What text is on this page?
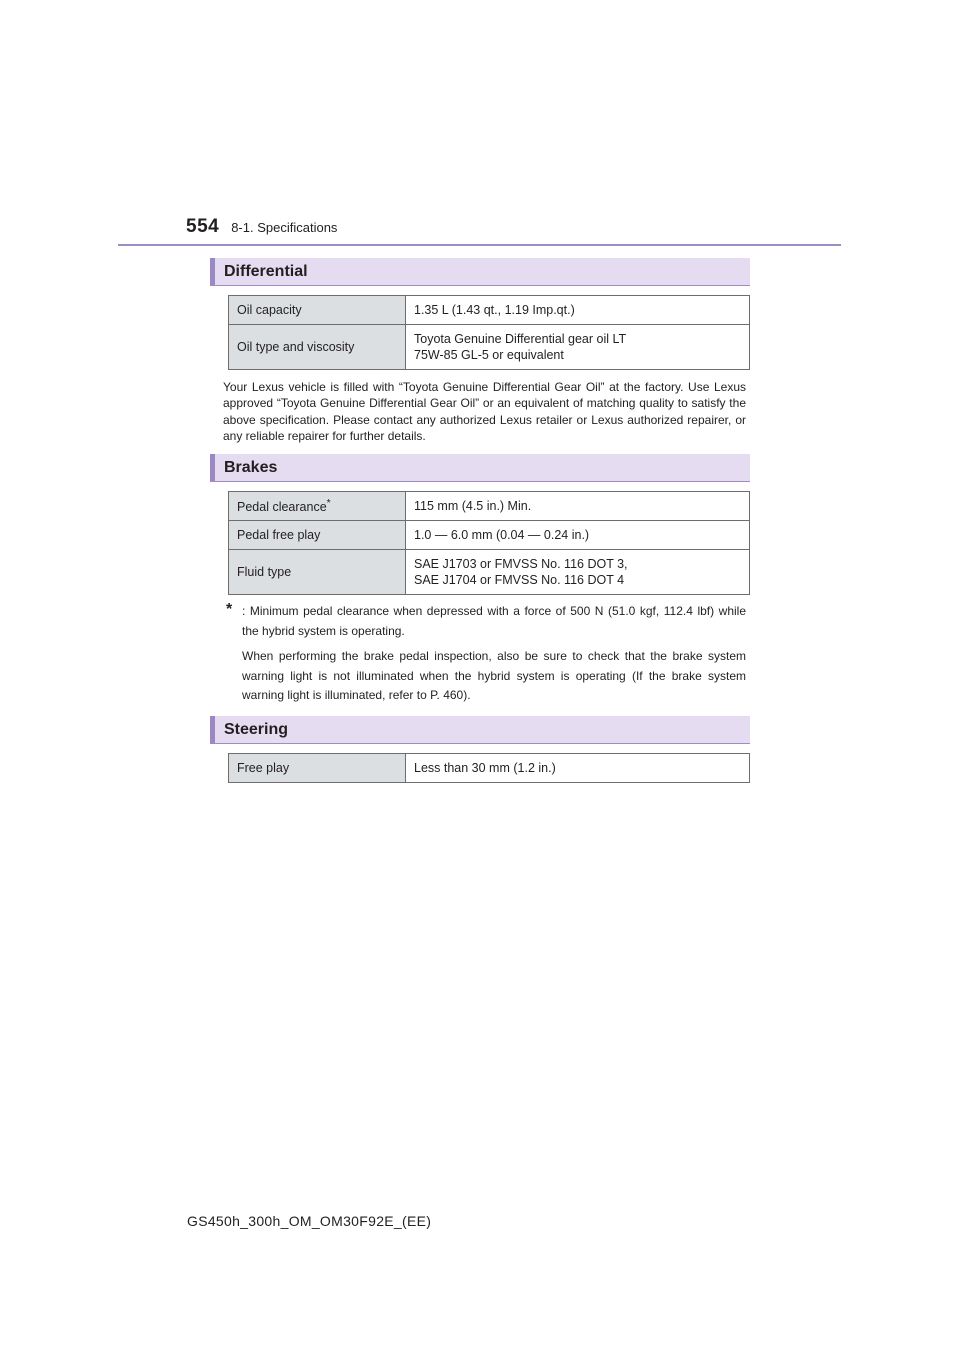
554 8-1. Specifications
Differential
Oil capacity	1.35 L (1.43 qt., 1.19 Imp.qt.)

Oil type and viscosity	Toyota Genuine Differential gear oil LT
75W-85 GL-5 or equivalent
Your Lexus vehicle is filled with “Toyota Genuine Differential Gear Oil” at the factory. Use Lexus approved “Toyota Genuine Differential Gear Oil” or an equivalent of matching quality to satisfy the above specification. Please contact any authorized Lexus retailer or Lexus authorized repairer, or any reliable repairer for further details.
Brakes
Pedal clearance*	115 mm (4.5 in.) Min.

Pedal free play	1.0 — 6.0 mm (0.04 — 0.24 in.)

Fluid type	SAE J1703 or FMVSS No. 116 DOT 3,
SAE J1704 or FMVSS No. 116 DOT 4
* : Minimum pedal clearance when depressed with a force of 500 N (51.0 kgf, 112.4 lbf) while the hybrid system is operating.
When performing the brake pedal inspection, also be sure to check that the brake system warning light is not illuminated when the hybrid system is operating (If the brake system warning light is illuminated, refer to P. 460).
Steering
Free play	Less than 30 mm (1.2 in.)
GS450h_300h_OM_OM30F92E_(EE)
